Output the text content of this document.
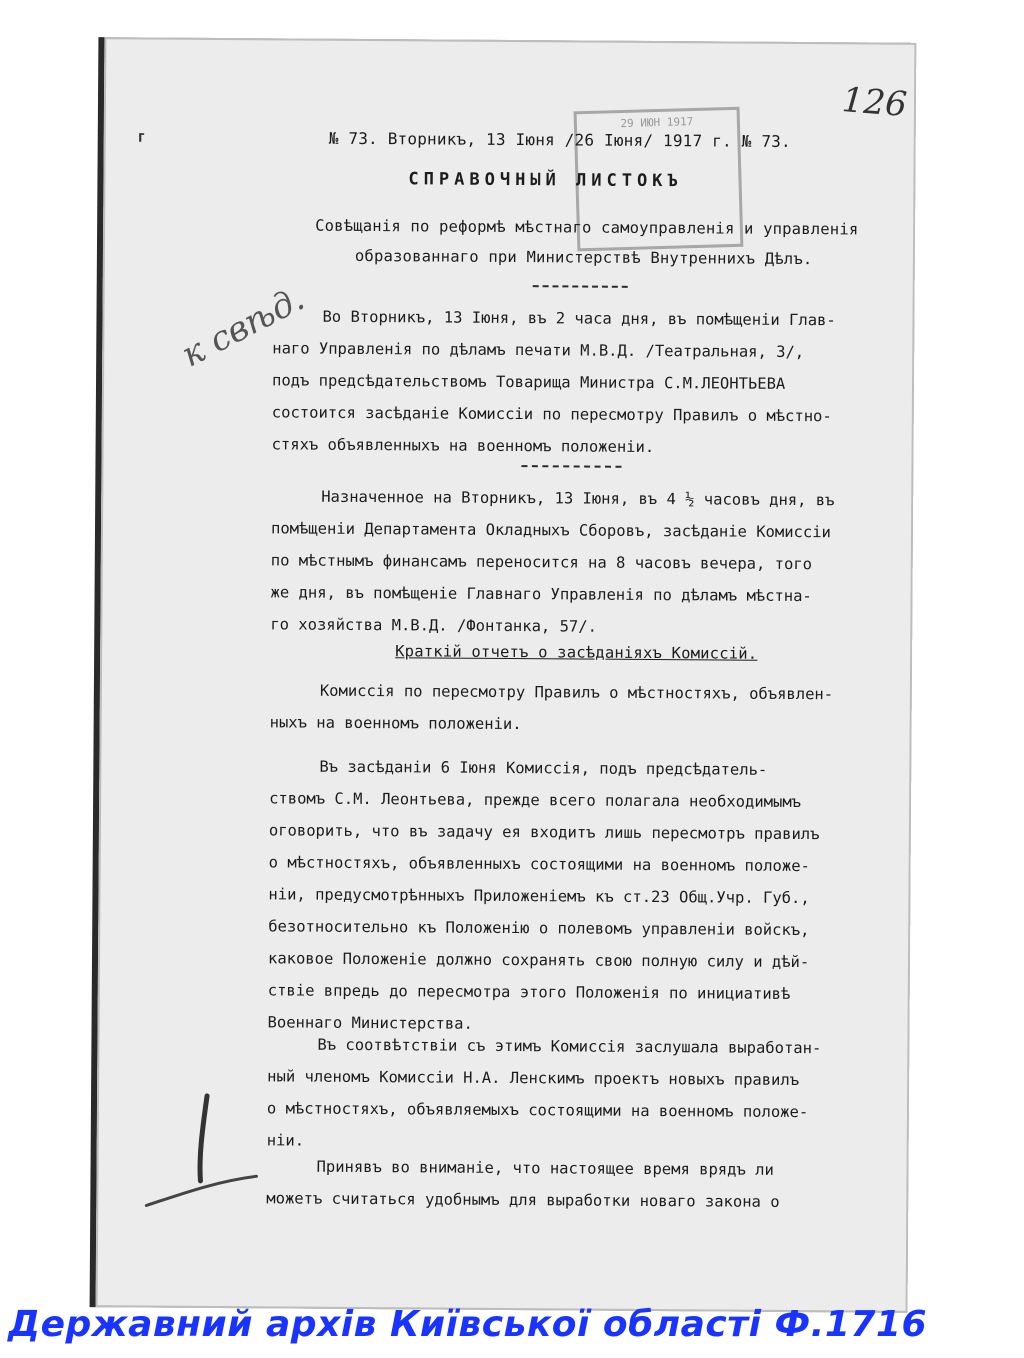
⸢
126
29 ИЮН 1917
№ 73. Вторникъ, 13 Іюня /26 Іюня/ 1917 г. № 73.
СПРАВОЧНЫЙ ЛИСТОКЪ
Совѣщанія по реформѣ мѣстнаго самоуправленія и управленія
образованнаго при Министерствѣ Внутреннихъ Дѣлъ.
к свѣд. Во Вторникъ, 13 Іюня, въ 2 часа дня, въ помѣщеніи Глав-
наго Управленія по дѣламъ печати М.В.Д. /Театральная, 3/,
подъ предсѣдательствомъ Товарища Министра С.М.ЛЕОНТЬЕВА
состоится засѣданіе Комиссіи по пересмотру Правилъ о мѣстно-
стяхъ объявленныхъ на военномъ положеніи.
Назначенное на Вторникъ, 13 Іюня, въ 4 ½ часовъ дня, въ
помѣщеніи Департамента Окладныхъ Сборовъ, засѣданіе Комиссіи
по мѣстнымъ финансамъ переносится на 8 часовъ вечера, того
же дня, въ помѣщеніе Главнаго Управленія по дѣламъ мѣстна-
го хозяйства М.В.Д. /Фонтанка, 57/.
Краткій отчетъ о засѣданіяхъ Комиссій.
Комиссія по пересмотру Правилъ о мѣстностяхъ, объявлен-
ныхъ на военномъ положеніи.
Въ засѣданіи 6 Іюня Комиссія, подъ предсѣдатель-
ствомъ С.М. Леонтьева, прежде всего полагала необходимымъ
оговорить, что въ задачу ея входитъ лишь пересмотръ правилъ
о мѣстностяхъ, объявленныхъ состоящими на военномъ положе-
ніи, предусмотрѣнныхъ Приложеніемъ къ ст.23 Общ.Учр. Губ.,
безотносительно къ Положенію о полевомъ управленіи войскъ,
каковое Положеніе должно сохранять свою полную силу и дѣй-
ствіе впредь до пересмотра этого Положенія по инициативѣ
Военнаго Министерства.
Въ соотвѣтствіи съ этимъ Комиссія заслушала выработан-
ный членомъ Комиссіи Н.А. Ленскимъ проектъ новыхъ правилъ
о мѣстностяхъ, объявляемыхъ состоящими на военномъ положе-
ніи.
Принявъ во вниманіе, что настоящее время врядъ ли
можетъ считаться удобнымъ для выработки новаго закона о
Державний архів Київської області Ф.1716
